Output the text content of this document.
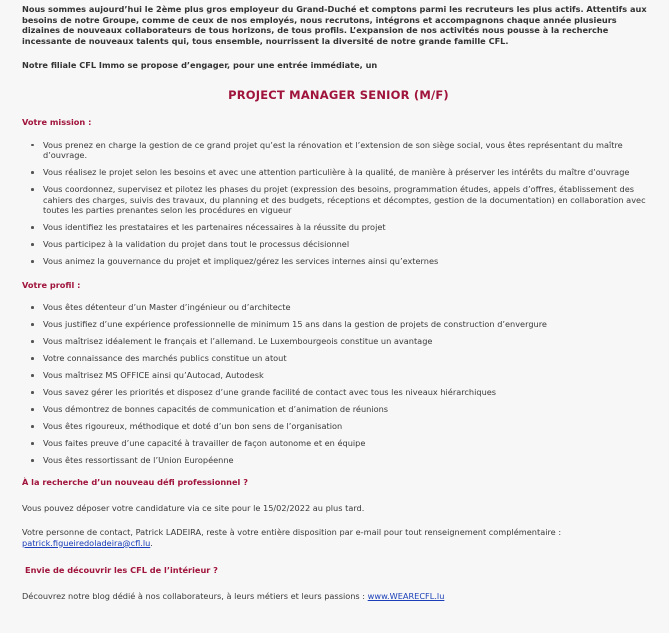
Nous sommes aujourd’hui le 2ème plus gros employeur du Grand-Duché et comptons parmi les recruteurs les plus actifs. Attentifs aux besoins de notre Groupe, comme de ceux de nos employés, nous recrutons, intégrons et accompagnons chaque année plusieurs dizaines de nouveaux collaborateurs de tous horizons, de tous profils. L’expansion de nos activités nous pousse à la recherche incessante de nouveaux talents qui, tous ensemble, nourrissent la diversité de notre grande famille CFL.

Notre filiale CFL Immo se propose d’engager, pour une entrée immédiate, un

PROJECT MANAGER SENIOR (M/F)
Votre mission :
Vous prenez en charge la gestion de ce grand projet qu’est la rénovation et l’extension de son siège social, vous êtes représentant du maître d’ouvrage.
Vous réalisez le projet selon les besoins et avec une attention particulière à la qualité, de manière à préserver les intérêts du maître d’ouvrage
Vous coordonnez, supervisez et pilotez les phases du projet (expression des besoins, programmation études, appels d’offres, établissement des cahiers des charges, suivis des travaux, du planning et des budgets, réceptions et décomptes, gestion de la documentation) en collaboration avec toutes les parties prenantes selon les procédures en vigueur
Vous identifiez les prestataires et les partenaires nécessaires à la réussite du projet
Vous participez à la validation du projet dans tout le processus décisionnel
Vous animez la gouvernance du projet et impliquez/gérez les services internes ainsi qu’externes
Votre profil :
Vous êtes détenteur d’un Master d’ingénieur ou d’architecte
Vous justifiez d’une expérience professionnelle de minimum 15 ans dans la gestion de projets de construction d’envergure
Vous maîtrisez idéalement le français et l’allemand. Le Luxembourgeois constitue un avantage
Votre connaissance des marchés publics constitue un atout
Vous maîtrisez MS OFFICE ainsi qu’Autocad, Autodesk
Vous savez gérer les priorités et disposez d’une grande facilité de contact avec tous les niveaux hiérarchiques
Vous démontrez de bonnes capacités de communication et d’animation de réunions
Vous êtes rigoureux, méthodique et doté d’un bon sens de l’organisation
Vous faites preuve d’une capacité à travailler de façon autonome et en équipe
Vous êtes ressortissant de l’Union Européenne
À la recherche d’un nouveau défi professionnel ?

Vous pouvez déposer votre candidature via ce site pour le 15/02/2022 au plus tard.

Votre personne de contact, Patrick LADEIRA, reste à votre entière disposition par e-mail pour tout renseignement complémentaire : patrick.figueiredoladeira@cfl.lu.

Envie de découvrir les CFL de l’intérieur ?

Découvrez notre blog dédié à nos collaborateurs, à leurs métiers et leurs passions : www.WEARECFL.lu
